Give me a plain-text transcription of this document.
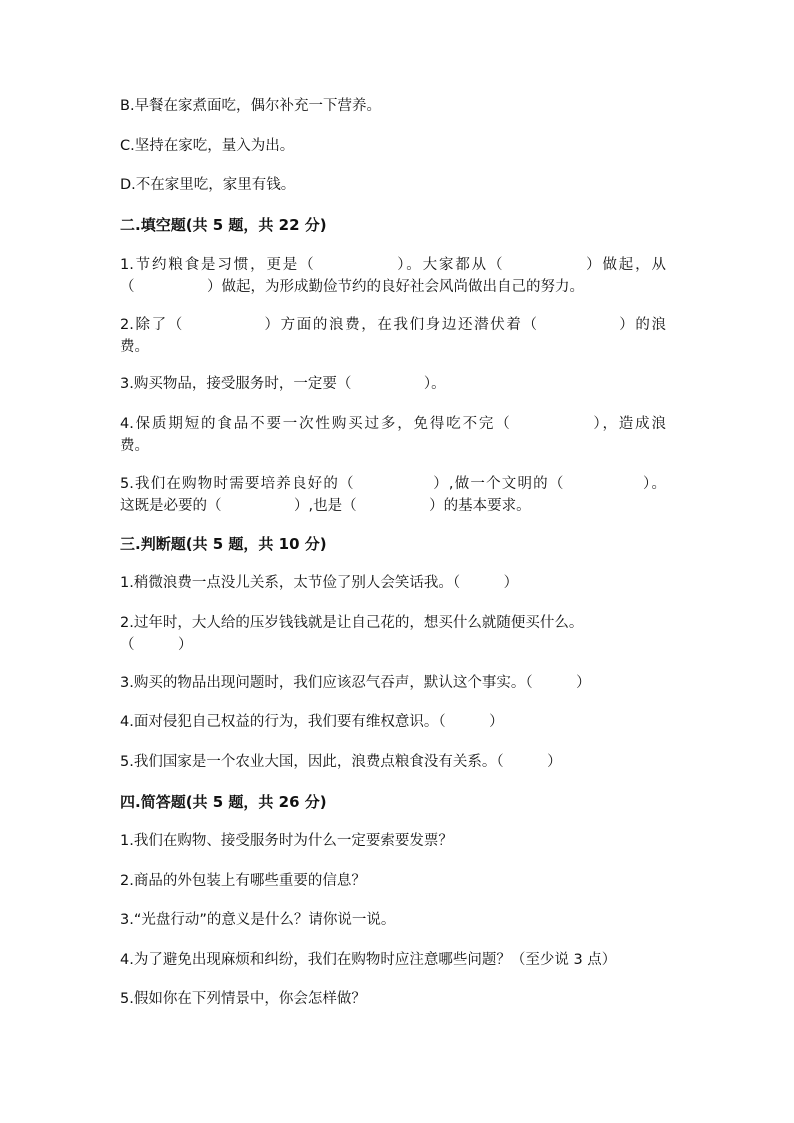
B.早餐在家煮面吃，偶尔补充一下营养。
C.坚持在家吃，量入为出。
D.不在家里吃，家里有钱。
二.填空题(共 5 题，共 22 分)
1.节约粮食是习惯，更是（　　　　　）。大家都从（　　　　　）做起，从
（　　　　　）做起，为形成勤俭节约的良好社会风尚做出自己的努力。
2.除了（　　　　　）方面的浪费，在我们身边还潜伏着（　　　　　）的浪
费。
3.购买物品，接受服务时，一定要（　　　　　）。
4.保质期短的食品不要一次性购买过多，免得吃不完（　　　　　），造成浪
费。
5.我们在购物时需要培养良好的（　　　　　）,做一个文明的（　　　　　）。
这既是必要的（　　　　　）,也是（　　　　　）的基本要求。
三.判断题(共 5 题，共 10 分)
1.稍微浪费一点没儿关系，太节俭了别人会笑话我。（　　　）
2.过年时，大人给的压岁钱钱就是让自己花的，想买什么就随便买什么。
（　　　）
3.购买的物品出现问题时，我们应该忍气吞声，默认这个事实。（　　　）
4.面对侵犯自己权益的行为，我们要有维权意识。（　　　）
5.我们国家是一个农业大国，因此，浪费点粮食没有关系。（　　　）
四.简答题(共 5 题，共 26 分)
1.我们在购物、接受服务时为什么一定要索要发票？
2.商品的外包装上有哪些重要的信息？
3.“光盘行动”的意义是什么？请你说一说。
4.为了避免出现麻烦和纠纷，我们在购物时应注意哪些问题？（至少说 3 点）
5.假如你在下列情景中，你会怎样做？
